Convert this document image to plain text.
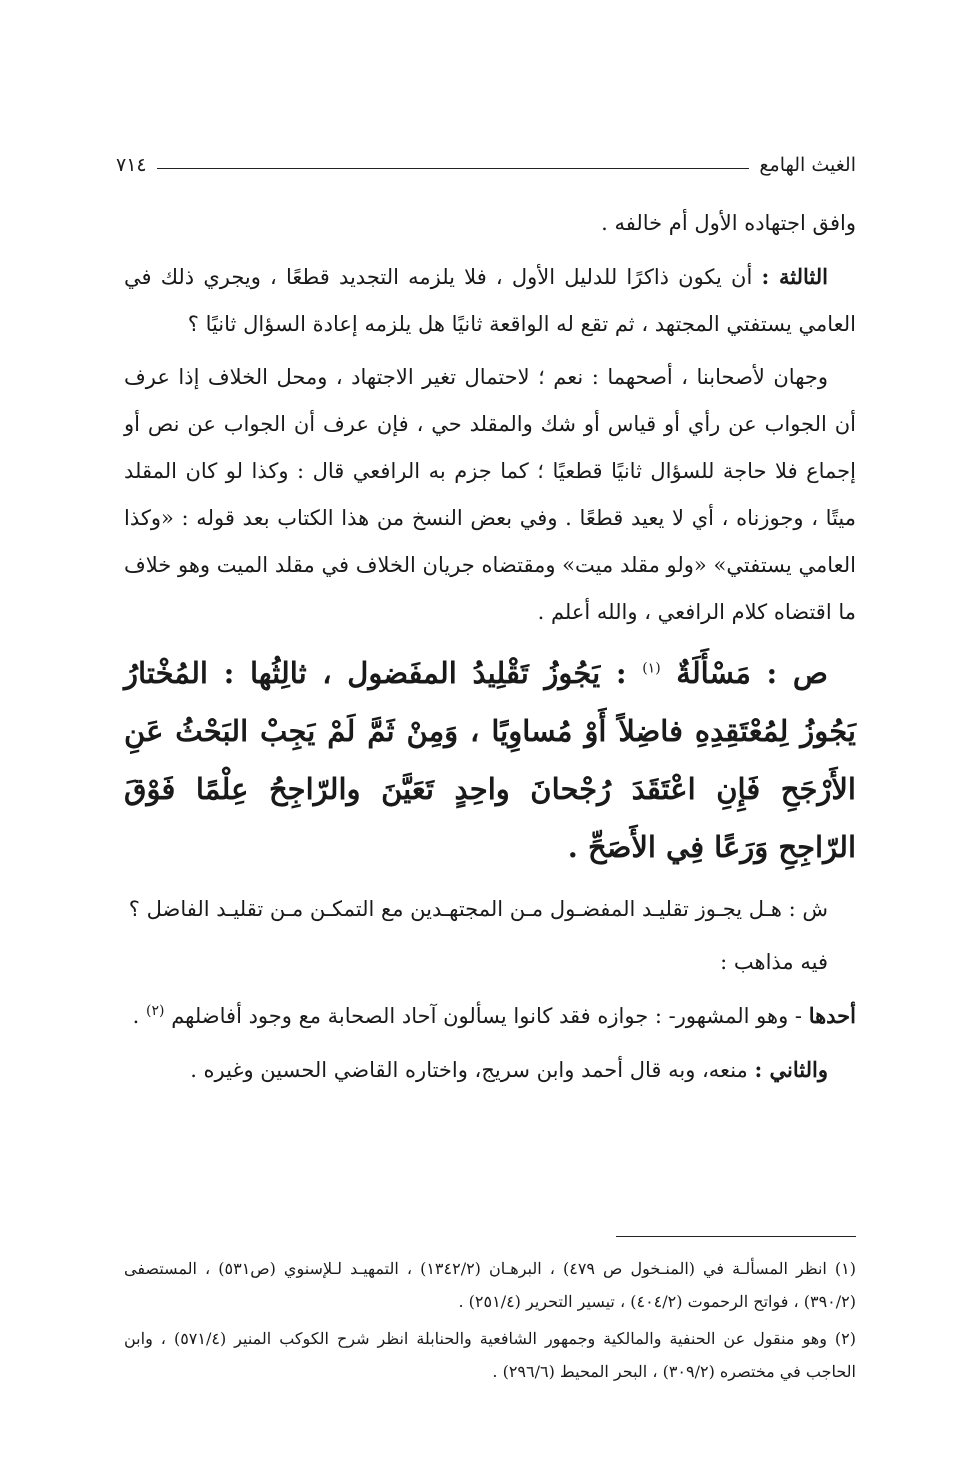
الغيث الهامع
٧١٤

وافق اجتهاده الأول أم خالفه .

الثالثة : أن يكون ذاكرًا للدليل الأول ، فلا يلزمه التجديد قطعًا ، ويجري ذلك في العامي يستفتي المجتهد ، ثم تقع له الواقعة ثانيًا هل يلزمه إعادة السؤال ثانيًا ؟

وجهان لأصحابنا ، أصحهما : نعم ؛ لاحتمال تغير الاجتهاد ، ومحل الخلاف إذا عرف أن الجواب عن رأي أو قياس أو شك والمقلد حي ، فإن عرف أن الجواب عن نص أو إجماع فلا حاجة للسؤال ثانيًا قطعيًا ؛ كما جزم به الرافعي قال : وكذا لو كان المقلد ميتًا ، وجوزناه ، أي لا يعيد قطعًا . وفي بعض النسخ من هذا الكتاب بعد قوله : «وكذا العامي يستفتي» «ولو مقلد ميت» ومقتضاه جريان الخلاف في مقلد الميت وهو خلاف ما اقتضاه كلام الرافعي ، والله أعلم .

ص : مَسْأَلَةٌ $^{(١)}$ : يَجُوزُ تَقْلِيدُ المفَضول ، ثالِثُها : المُخْتارُ يَجُوزُ لِمُعْتَقِدِهِ فاضِلاً أَوْ مُساوِيًا ، وَمِنْ ثَمَّ لَمْ يَجِبْ البَحْثُ عَنِ الأَرْجَحِ فَإِنِ اعْتَقَدَ رُجْحانَ واحِدٍ تَعَيَّنَ والرّاجِحُ عِلْمًا فَوْقَ الرّاجِحِ وَرَعًا فِي الأَصَحِّ .

ش : هـل يجـوز تقليـد المفضـول مـن المجتهـدين مع التمكـن مـن تقليـد الفاضل ؟

فيه مذاهب :

أحدها - وهو المشهور- : جوازه فقد كانوا يسألون آحاد الصحابة مع وجود أفاضلهم $^{(٢)}$ .

والثاني : منعه، وبه قال أحمد وابن سريج، واختاره القاضي الحسين وغيره .

(١) انظر المسألـة في (المنـخول ص ٤٧٩) ، البرهـان (١٣٤٢/٢) ، التمهيـد لـلإسنوي (ص٥٣١) ، المستصفى (٣٩٠/٢) ، فواتح الرحموت (٤٠٤/٢) ، تيسير التحرير (٢٥١/٤) .

(٢) وهو منقول عن الحنفية والمالكية وجمهور الشافعية والحنابلة انظر شرح الكوكب المنير (٥٧١/٤) ، وابن الحاجب في مختصره (٣٠٩/٢) ، البحر المحيط (٢٩٦/٦) .
